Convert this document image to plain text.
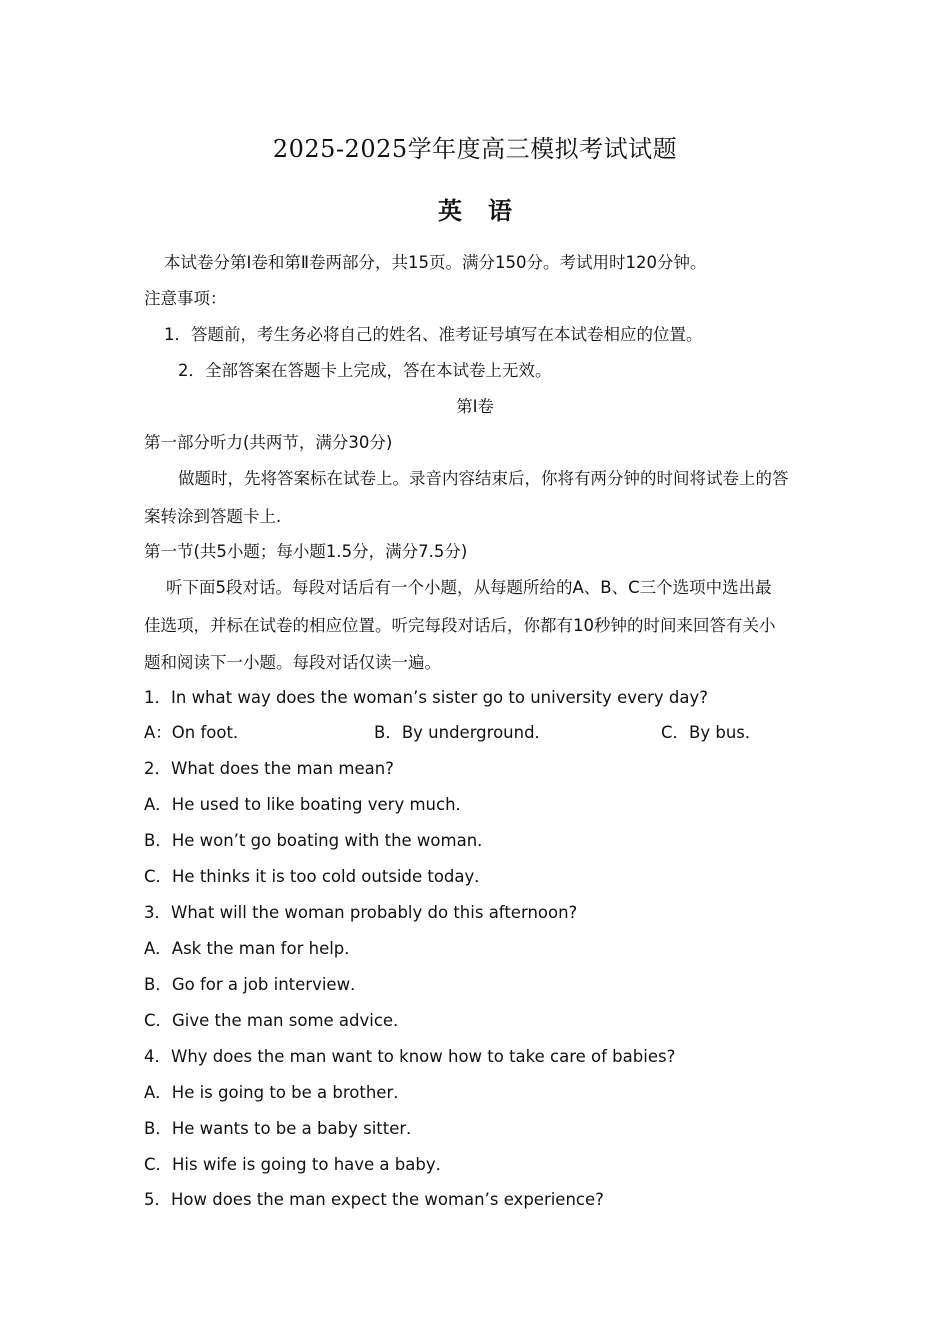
2025-2025学年度高三模拟考试试题
英语
本试卷分第Ⅰ卷和第Ⅱ卷两部分，共15页。满分150分。考试用时120分钟。
注意事项：
1．答题前，考生务必将自己的姓名、准考证号填写在本试卷相应的位置。
2．全部答案在答题卡上完成，答在本试卷上无效。
第Ⅰ卷
第一部分听力(共两节，满分30分)
做题时，先将答案标在试卷上。录音内容结束后，你将有两分钟的时间将试卷上的答
案转涂到答题卡上.
第一节(共5小题；每小题1.5分，满分7.5分)
听下面5段对话。每段对话后有一个小题，从每题所给的A、B、C三个选项中选出最
佳选项，并标在试卷的相应位置。听完每段对话后，你都有10秒钟的时间来回答有关小
题和阅读下一小题。每段对话仅读一遍。
1．In what way does the woman’s sister go to university every day?
A：On foot．	B．By underground．	C．By bus．
2．What does the man mean?
A．He used to like boating very much．
B．He won’t go boating with the woman．
C．He thinks it is too cold outside today．
3．What will the woman probably do this afternoon?
A．Ask the man for help．
B．Go for a job interview．
C．Give the man some advice．
4．Why does the man want to know how to take care of babies?
A．He is going to be a brother．
B．He wants to be a baby sitter．
C．His wife is going to have a baby．
5．How does the man expect the woman’s experience?
